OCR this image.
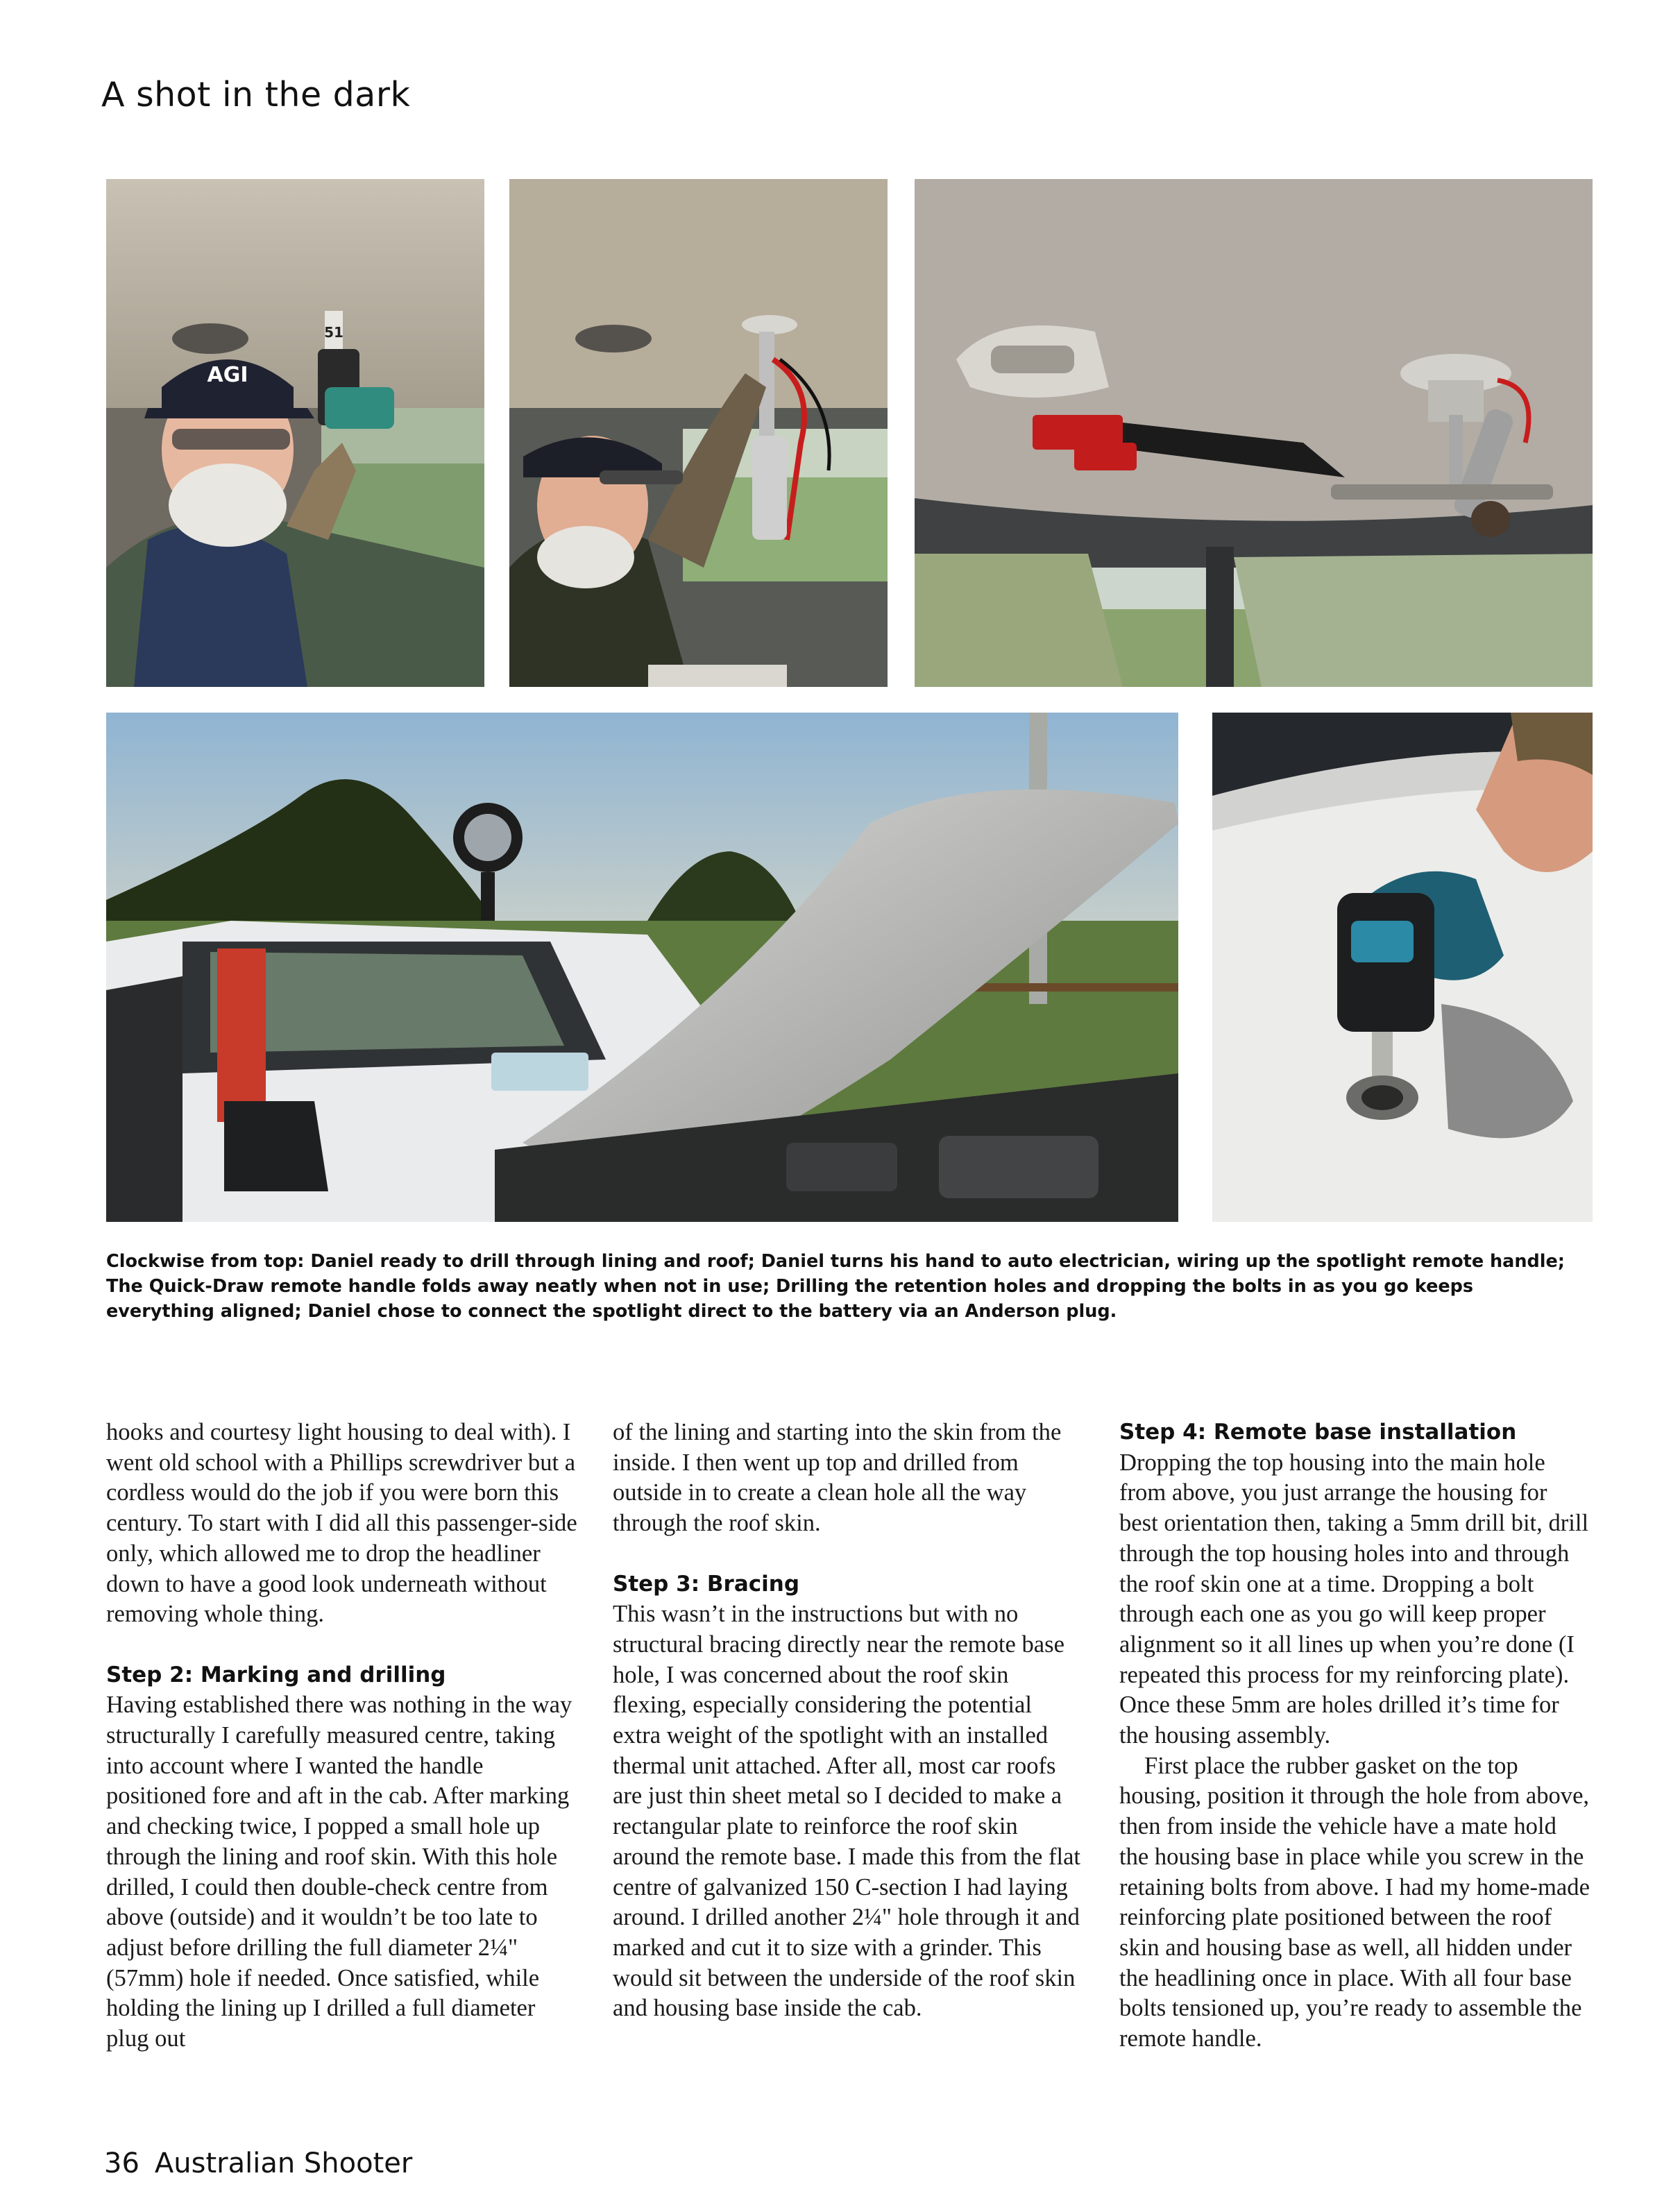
A shot in the dark
AGI
51
Clockwise from top: Daniel ready to drill through lining and roof; Daniel turns his hand to auto electrician, wiring up the spotlight remote handle; The Quick-Draw remote handle folds away neatly when not in use; Drilling the retention holes and dropping the bolts in as you go keeps everything aligned; Daniel chose to connect the spotlight direct to the battery via an Anderson plug.

hooks and courtesy light housing to deal with). I went old school with a Phillips screwdriver but a cordless would do the job if you were born this century. To start with I did all this passenger-side only, which allowed me to drop the headliner down to have a good look underneath without removing whole thing.

Step 2: Marking and drilling

Having established there was nothing in the way structurally I carefully measured centre, taking into account where I wanted the handle positioned fore and aft in the cab. After marking and checking twice, I popped a small hole up through the lining and roof skin. With this hole drilled, I could then double-check centre from above (outside) and it wouldn’t be too late to adjust before drilling the full diameter 2¼" (57mm) hole if needed. Once satisfied, while holding the lining up I drilled a full diameter plug out

of the lining and starting into the skin from the inside. I then went up top and drilled from outside in to create a clean hole all the way through the roof skin.

Step 3: Bracing

This wasn’t in the instructions but with no structural bracing directly near the remote base hole, I was concerned about the roof skin flexing, especially considering the potential extra weight of the spotlight with an installed thermal unit attached. After all, most car roofs are just thin sheet metal so I decided to make a rectangular plate to reinforce the roof skin around the remote base. I made this from the flat centre of galvanized 150 C-section I had laying around. I drilled another 2¼" hole through it and marked and cut it to size with a grinder. This would sit between the underside of the roof skin and housing base inside the cab.

Step 4: Remote base installation

Dropping the top housing into the main hole from above, you just arrange the housing for best orientation then, taking a 5mm drill bit, drill through the top housing holes into and through the roof skin one at a time. Dropping a bolt through each one as you go will keep proper alignment so it all lines up when you’re done (I repeated this process for my reinforcing plate). Once these 5mm are holes drilled it’s time for the housing assembly.

First place the rubber gasket on the top housing, position it through the hole from above, then from inside the vehicle have a mate hold the housing base in place while you screw in the retaining bolts from above. I had my home-made reinforcing plate positioned between the roof skin and housing base as well, all hidden under the headlining once in place. With all four base bolts tensioned up, you’re ready to assemble the remote handle.

36 Australian Shooter
